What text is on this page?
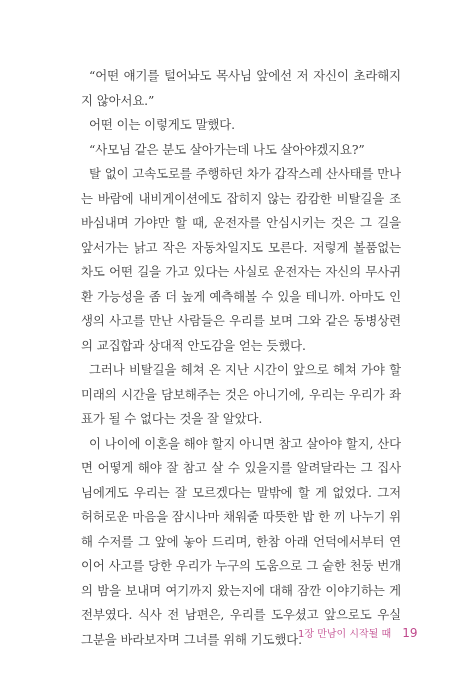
“어떤 얘기를 털어놔도 목사님 앞에선 저 자신이 초라해지지 않아서요.”

어떤 이는 이렇게도 말했다.

“사모님 같은 분도 살아가는데 나도 살아야겠지요?”

탈 없이 고속도로를 주행하던 차가 갑작스레 산사태를 만나는 바람에 내비게이션에도 잡히지 않는 캄캄한 비탈길을 조바심내며 가야만 할 때, 운전자를 안심시키는 것은 그 길을 앞서가는 낡고 작은 자동차일지도 모른다. 저렇게 볼품없는 차도 어떤 길을 가고 있다는 사실로 운전자는 자신의 무사귀환 가능성을 좀 더 높게 예측해볼 수 있을 테니까. 아마도 인생의 사고를 만난 사람들은 우리를 보며 그와 같은 동병상련의 교집합과 상대적 안도감을 얻는 듯했다.

그러나 비탈길을 헤쳐 온 지난 시간이 앞으로 헤쳐 가야 할 미래의 시간을 담보해주는 것은 아니기에, 우리는 우리가 좌표가 될 수 없다는 것을 잘 알았다.

이 나이에 이혼을 해야 할지 아니면 참고 살아야 할지, 산다면 어떻게 해야 잘 참고 살 수 있을지를 알려달라는 그 집사님에게도 우리는 잘 모르겠다는 말밖에 할 게 없었다. 그저 허허로운 마음을 잠시나마 채워줄 따뜻한 밥 한 끼 나누기 위해 수저를 그 앞에 놓아 드리며, 한참 아래 언덕에서부터 연이어 사고를 당한 우리가 누구의 도움으로 그 숱한 천둥 번개의 밤을 보내며 여기까지 왔는지에 대해 잠깐 이야기하는 게 전부였다. 식사 전 남편은, 우리를 도우셨고 앞으로도 우실 그분을 바라보자며 그녀를 위해 기도했다.

1장 만남이 시작될 때 19
